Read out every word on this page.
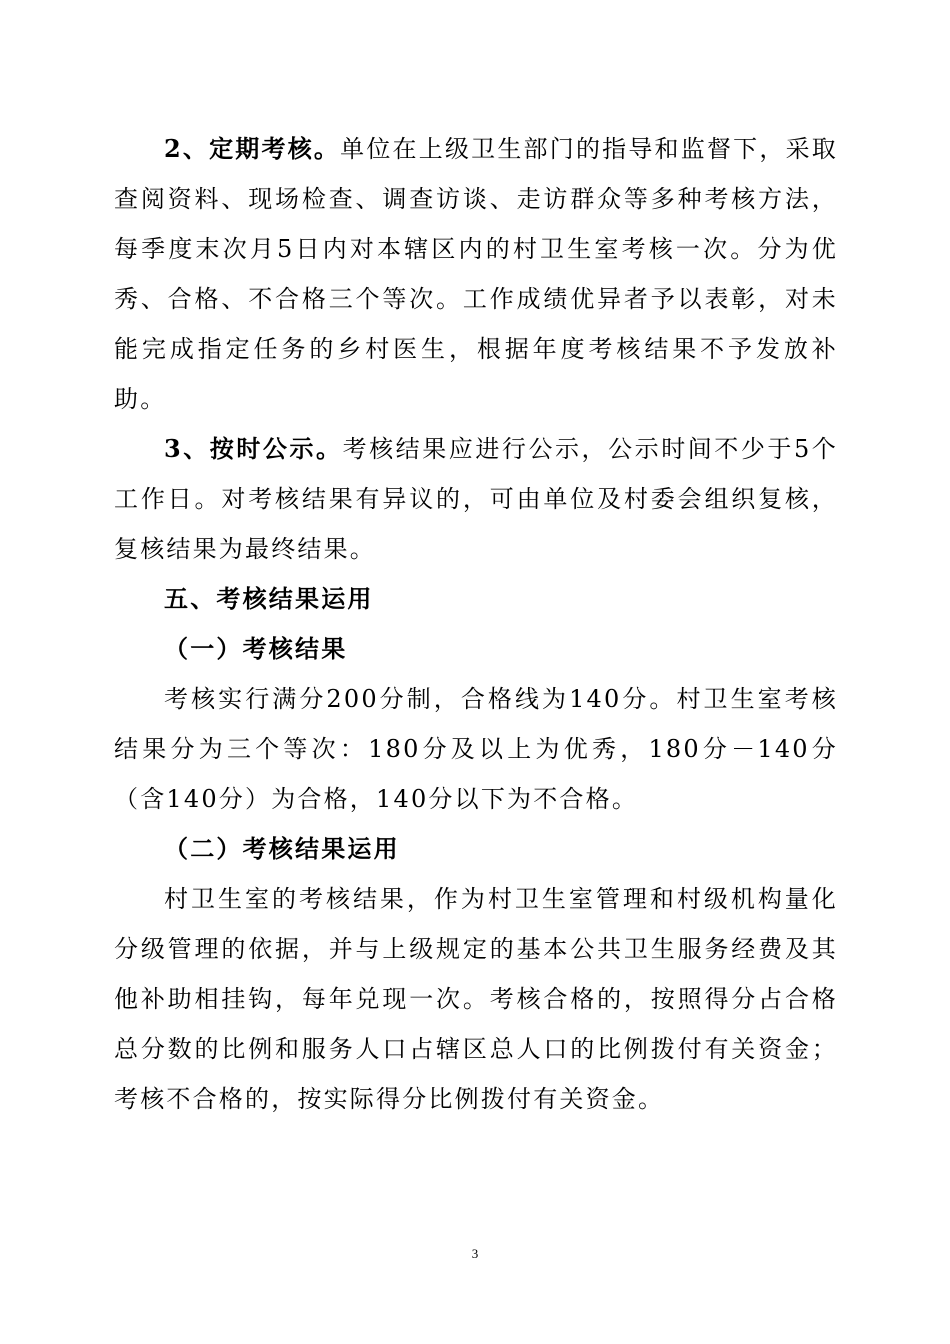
2、定期考核。单位在上级卫生部门的指导和监督下，采取查阅资料、现场检查、调查访谈、走访群众等多种考核方法，每季度末次月5日内对本辖区内的村卫生室考核一次。分为优秀、合格、不合格三个等次。工作成绩优异者予以表彰，对未能完成指定任务的乡村医生，根据年度考核结果不予发放补助。

3、按时公示。考核结果应进行公示，公示时间不少于5个工作日。对考核结果有异议的，可由单位及村委会组织复核，复核结果为最终结果。

五、考核结果运用

（一）考核结果

考核实行满分200分制，合格线为140分。村卫生室考核结果分为三个等次：180分及以上为优秀，180分－140分（含140分）为合格，140分以下为不合格。

（二）考核结果运用

村卫生室的考核结果，作为村卫生室管理和村级机构量化分级管理的依据，并与上级规定的基本公共卫生服务经费及其他补助相挂钩，每年兑现一次。考核合格的，按照得分占合格总分数的比例和服务人口占辖区总人口的比例拨付有关资金；考核不合格的，按实际得分比例拨付有关资金。

3
